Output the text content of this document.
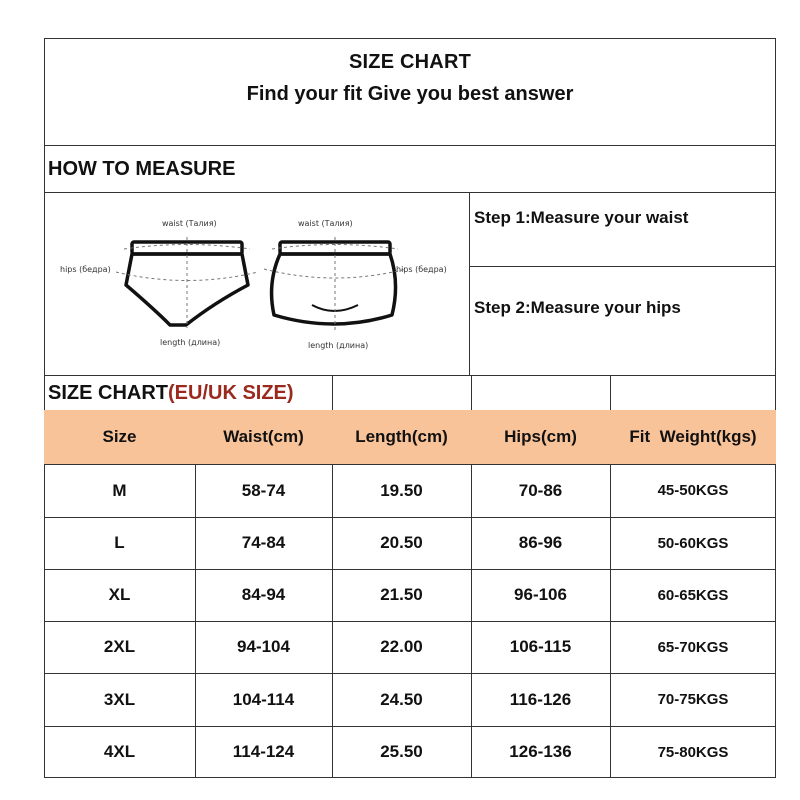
SIZE CHART
Find your fit Give you best answer
HOW TO MEASURE
waist (Талия)
hips (бедра)
length (длина)
waist (Талия)
hips (бедра)
length (длина)
Step 1:Measure your waist
Step 2:Measure your hips
SIZE CHART(EU/UK SIZE)
Size	Waist(cm)	Length(cm)	Hips(cm)	Fit  Weight(kgs)
M	58-74	19.50	70-86	45-50KGS
L	74-84	20.50	86-96	50-60KGS
XL	84-94	21.50	96-106	60-65KGS
2XL	94-104	22.00	106-115	65-70KGS
3XL	104-114	24.50	116-126	70-75KGS
4XL	114-124	25.50	126-136	75-80KGS
